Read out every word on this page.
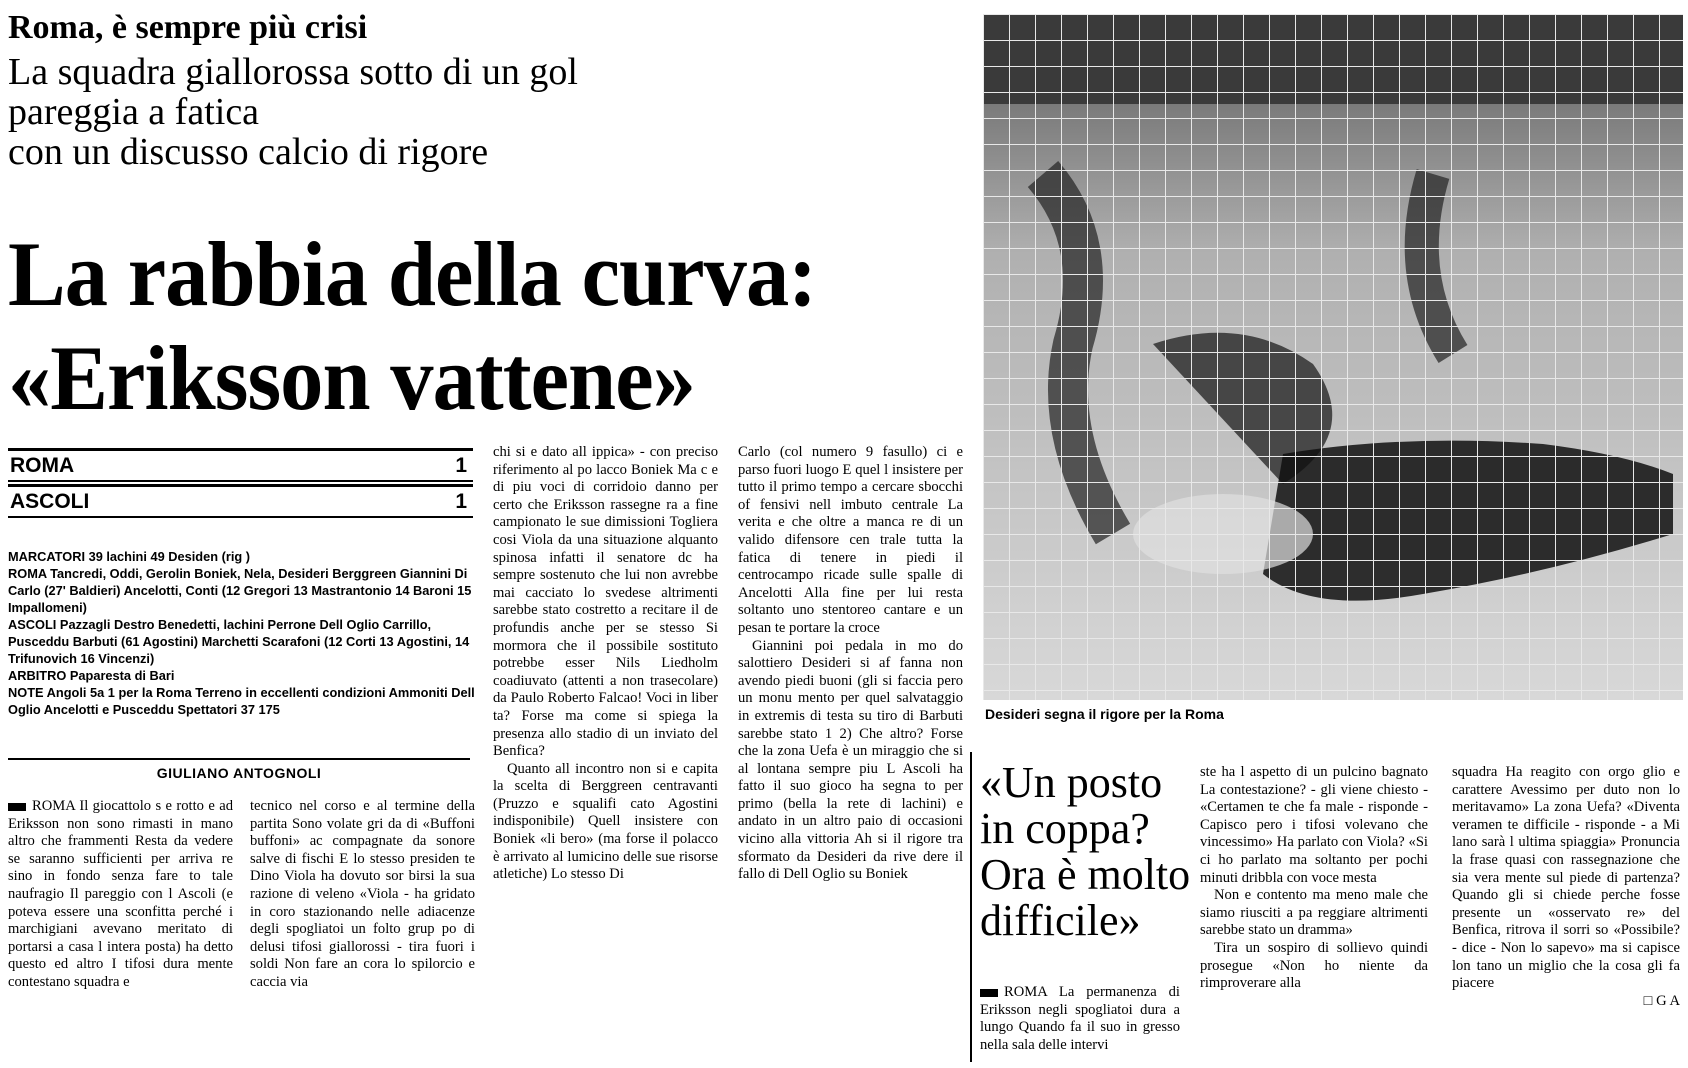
Roma, è sempre più crisi
La squadra giallorossa sotto di un gol
pareggia a fatica
con un discusso calcio di rigore
La rabbia della curva:
«Eriksson vattene»
ROMA	1
ASCOLI	1

MARCATORI 39 lachini 49 Desiden (rig )

ROMA Tancredi, Oddi, Gerolin Boniek, Nela, Desideri Berggreen Giannini Di Carlo (27' Baldieri) Ancelotti, Conti (12 Gregori 13 Mastrantonio 14 Baroni 15 Impallomeni)

ASCOLI Pazzagli Destro Benedetti, lachini Perrone Dell Oglio Carrillo, Pusceddu Barbuti (61 Agostini) Marchetti Scarafoni (12 Corti 13 Agostini, 14 Trifunovich 16 Vincenzi)

ARBITRO Paparesta di Bari

NOTE Angoli 5a 1 per la Roma Terreno in eccellenti condizioni Ammoniti Dell Oglio Ancelotti e Pusceddu Spettatori 37 175

GIULIANO ANTOGNOLI

ROMA Il giocattolo s e rotto e ad Eriksson non sono rimasti in mano altro che frammenti Resta da vedere se saranno sufficienti per arriva re sino in fondo senza fare to tale naufragio Il pareggio con l Ascoli (e poteva essere una sconfitta perché i marchigiani avevano meritato di portarsi a casa l intera posta) ha detto questo ed altro I tifosi dura mente contestano squadra e

tecnico nel corso e al termine della partita Sono volate gri da di «Buffoni buffoni» ac compagnate da sonore salve di fischi E lo stesso presiden te Dino Viola ha dovuto sor birsi la sua razione di veleno «Viola - ha gridato in coro stazionando nelle adiacenze degli spogliatoi un folto grup po di delusi tifosi giallorossi - tira fuori i soldi Non fare an cora lo spilorcio e caccia via

chi si e dato all ippica» - con preciso riferimento al po lacco Boniek Ma c e di piu voci di corridoio danno per certo che Eriksson rassegne ra a fine campionato le sue dimissioni Togliera cosi Viola da una situazione alquanto spinosa infatti il senatore dc ha sempre sostenuto che lui non avrebbe mai cacciato lo svedese altrimenti sarebbe stato costretto a recitare il de profundis anche per se stesso Si mormora che il possibile sostituto potrebbe esser Nils Liedholm coadiuvato (attenti a non trasecolare) da Paulo Roberto Falcao! Voci in liber ta? Forse ma come si spiega la presenza allo stadio di un inviato del Benfica?

Quanto all incontro non si e capita la scelta di Berggreen centravanti (Pruzzo e squalifi cato Agostini indisponibile) Quell insistere con Boniek «li bero» (ma forse il polacco è arrivato al lumicino delle sue risorse atletiche) Lo stesso Di

Carlo (col numero 9 fasullo) ci e parso fuori luogo E quel l insistere per tutto il primo tempo a cercare sbocchi of fensivi nell imbuto centrale La verita e che oltre a manca re di un valido difensore cen trale tutta la fatica di tenere in piedi il centrocampo ricade sulle spalle di Ancelotti Alla fine per lui resta soltanto uno stentoreo cantare e un pesan te portare la croce

Giannini poi pedala in mo do salottiero Desideri si af fanna non avendo piedi buoni (gli si faccia pero un monu mento per quel salvataggio in extremis di testa su tiro di Barbuti sarebbe stato 1 2) Che altro? Forse che la zona Uefa è un miraggio che si al lontana sempre piu L Ascoli ha fatto il suo gioco ha segna to per primo (bella la rete di lachini) e andato in un altro paio di occasioni vicino alla vittoria Ah si il rigore tra sformato da Desideri da rive dere il fallo di Dell Oglio su Boniek

Desideri segna il rigore per la Roma
«Un posto
in coppa?
Ora è molto
difficile»

ROMA La permanenza di Eriksson negli spogliatoi dura a lungo Quando fa il suo in gresso nella sala delle intervi

ste ha l aspetto di un pulcino bagnato La contestazione? - gli viene chiesto - «Certamen te che fa male - risponde - Capisco pero i tifosi volevano che vincessimo» Ha parlato con Viola? «Si ci ho parlato ma soltanto per pochi minuti dribbla con voce mesta

Non e contento ma meno male che siamo riusciti a pa reggiare altrimenti sarebbe stato un dramma»

Tira un sospiro di sollievo quindi prosegue «Non ho niente da rimproverare alla

squadra Ha reagito con orgo glio e carattere Avessimo per duto non lo meritavamo» La zona Uefa? «Diventa veramen te difficile - risponde - a Mi lano sarà l ultima spiaggia» Pronuncia la frase quasi con rassegnazione che sia vera mente sul piede di partenza? Quando gli si chiede perche fosse presente un «osservato re» del Benfica, ritrova il sorri so «Possibile? - dice - Non lo sapevo» ma si capisce lon tano un miglio che la cosa gli fa piacere

□ G A
